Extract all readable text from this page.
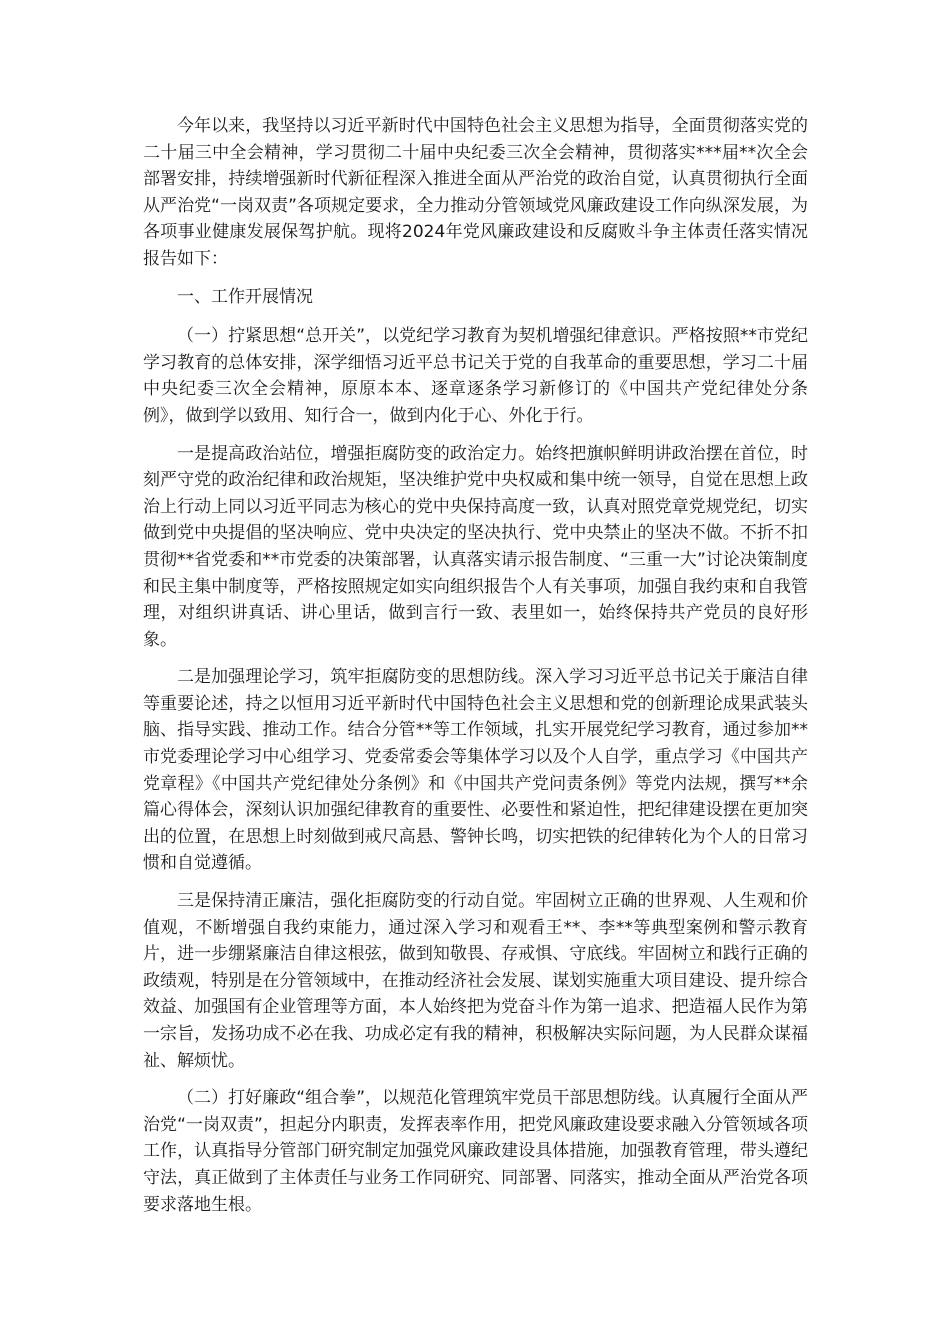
今年以来，我坚持以习近平新时代中国特色社会主义思想为指导，全面贯彻落实党的二十届三中全会精神，学习贯彻二十届中央纪委三次全会精神，贯彻落实***届**次全会部署安排，持续增强新时代新征程深入推进全面从严治党的政治自觉，认真贯彻执行全面从严治党“一岗双责”各项规定要求，全力推动分管领域党风廉政建设工作向纵深发展，为各项事业健康发展保驾护航。现将2024年党风廉政建设和反腐败斗争主体责任落实情况报告如下：

一、工作开展情况

（一）拧紧思想“总开关”，以党纪学习教育为契机增强纪律意识。严格按照**市党纪学习教育的总体安排，深学细悟习近平总书记关于党的自我革命的重要思想，学习二十届中央纪委三次全会精神，原原本本、逐章逐条学习新修订的《中国共产党纪律处分条例》，做到学以致用、知行合一，做到内化于心、外化于行。

一是提高政治站位，增强拒腐防变的政治定力。始终把旗帜鲜明讲政治摆在首位，时刻严守党的政治纪律和政治规矩，坚决维护党中央权威和集中统一领导，自觉在思想上政治上行动上同以习近平同志为核心的党中央保持高度一致，认真对照党章党规党纪，切实做到党中央提倡的坚决响应、党中央决定的坚决执行、党中央禁止的坚决不做。不折不扣贯彻**省党委和**市党委的决策部署，认真落实请示报告制度、“三重一大”讨论决策制度和民主集中制度等，严格按照规定如实向组织报告个人有关事项，加强自我约束和自我管理，对组织讲真话、讲心里话，做到言行一致、表里如一，始终保持共产党员的良好形象。

二是加强理论学习，筑牢拒腐防变的思想防线。深入学习习近平总书记关于廉洁自律等重要论述，持之以恒用习近平新时代中国特色社会主义思想和党的创新理论成果武装头脑、指导实践、推动工作。结合分管**等工作领域，扎实开展党纪学习教育，通过参加**市党委理论学习中心组学习、党委常委会等集体学习以及个人自学，重点学习《中国共产党章程》《中国共产党纪律处分条例》和《中国共产党问责条例》等党内法规，撰写**余篇心得体会，深刻认识加强纪律教育的重要性、必要性和紧迫性，把纪律建设摆在更加突出的位置，在思想上时刻做到戒尺高悬、警钟长鸣，切实把铁的纪律转化为个人的日常习惯和自觉遵循。

三是保持清正廉洁，强化拒腐防变的行动自觉。牢固树立正确的世界观、人生观和价值观，不断增强自我约束能力，通过深入学习和观看王**、李**等典型案例和警示教育片，进一步绷紧廉洁自律这根弦，做到知敬畏、存戒惧、守底线。牢固树立和践行正确的政绩观，特别是在分管领域中，在推动经济社会发展、谋划实施重大项目建设、提升综合效益、加强国有企业管理等方面，本人始终把为党奋斗作为第一追求、把造福人民作为第一宗旨，发扬功成不必在我、功成必定有我的精神，积极解决实际问题，为人民群众谋福祉、解烦忧。

（二）打好廉政“组合拳”，以规范化管理筑牢党员干部思想防线。认真履行全面从严治党“一岗双责”，担起分内职责，发挥表率作用，把党风廉政建设要求融入分管领域各项工作，认真指导分管部门研究制定加强党风廉政建设具体措施，加强教育管理，带头遵纪守法，真正做到了主体责任与业务工作同研究、同部署、同落实，推动全面从严治党各项要求落地生根。
